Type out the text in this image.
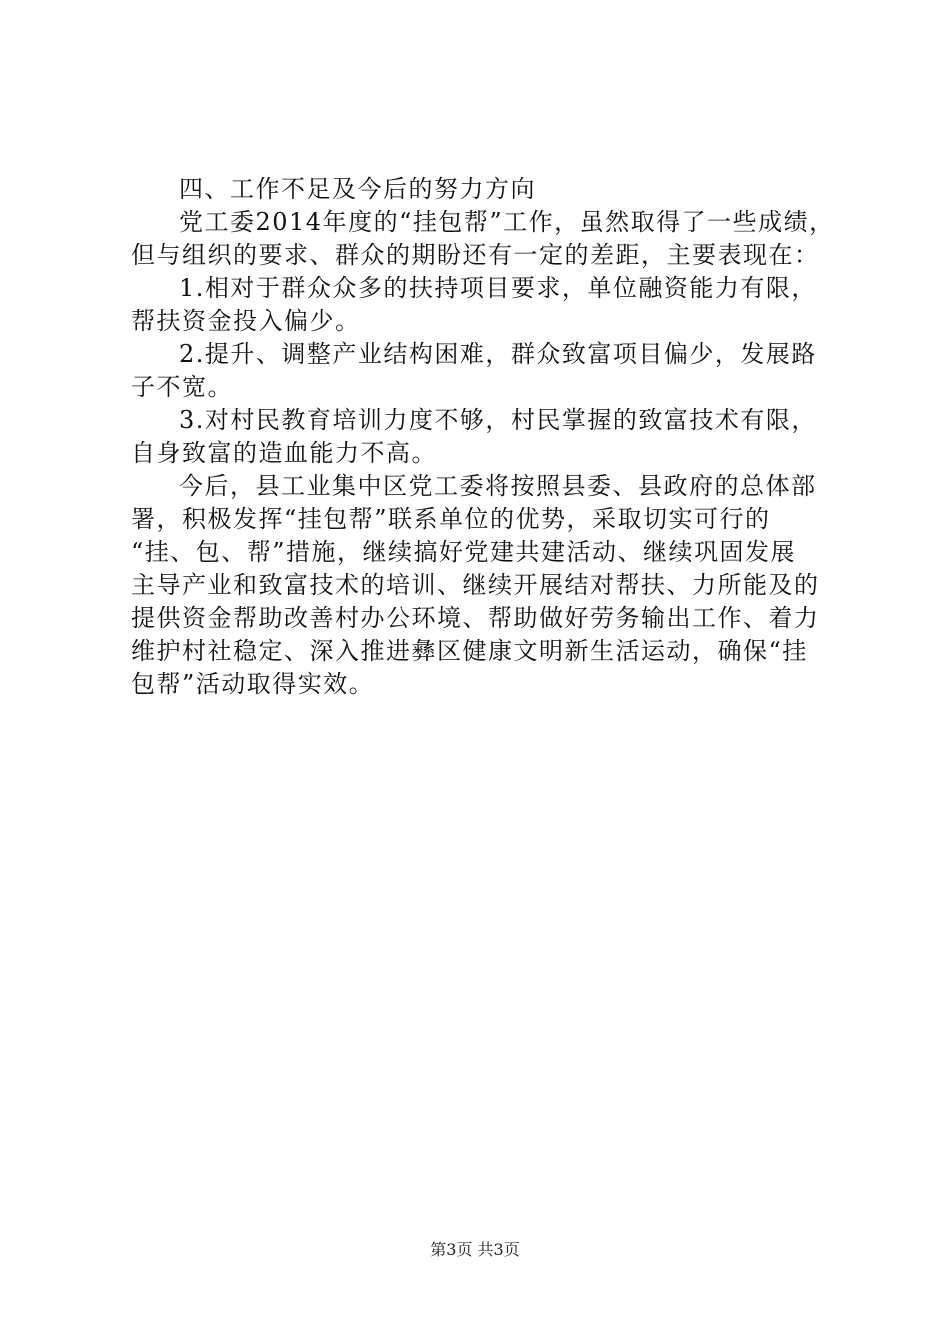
四、工作不足及今后的努力方向
党工委2014年度的“挂包帮”工作，虽然取得了一些成绩，
但与组织的要求、群众的期盼还有一定的差距，主要表现在：
1.相对于群众众多的扶持项目要求，单位融资能力有限，
帮扶资金投入偏少。
2.提升、调整产业结构困难，群众致富项目偏少，发展路
子不宽。
3.对村民教育培训力度不够，村民掌握的致富技术有限，
自身致富的造血能力不高。
今后，县工业集中区党工委将按照县委、县政府的总体部
署，积极发挥“挂包帮”联系单位的优势，采取切实可行的
“挂、包、帮”措施，继续搞好党建共建活动、继续巩固发展
主导产业和致富技术的培训、继续开展结对帮扶、力所能及的
提供资金帮助改善村办公环境、帮助做好劳务输出工作、着力
维护村社稳定、深入推进彝区健康文明新生活运动，确保“挂
包帮”活动取得实效。
第3页 共3页
